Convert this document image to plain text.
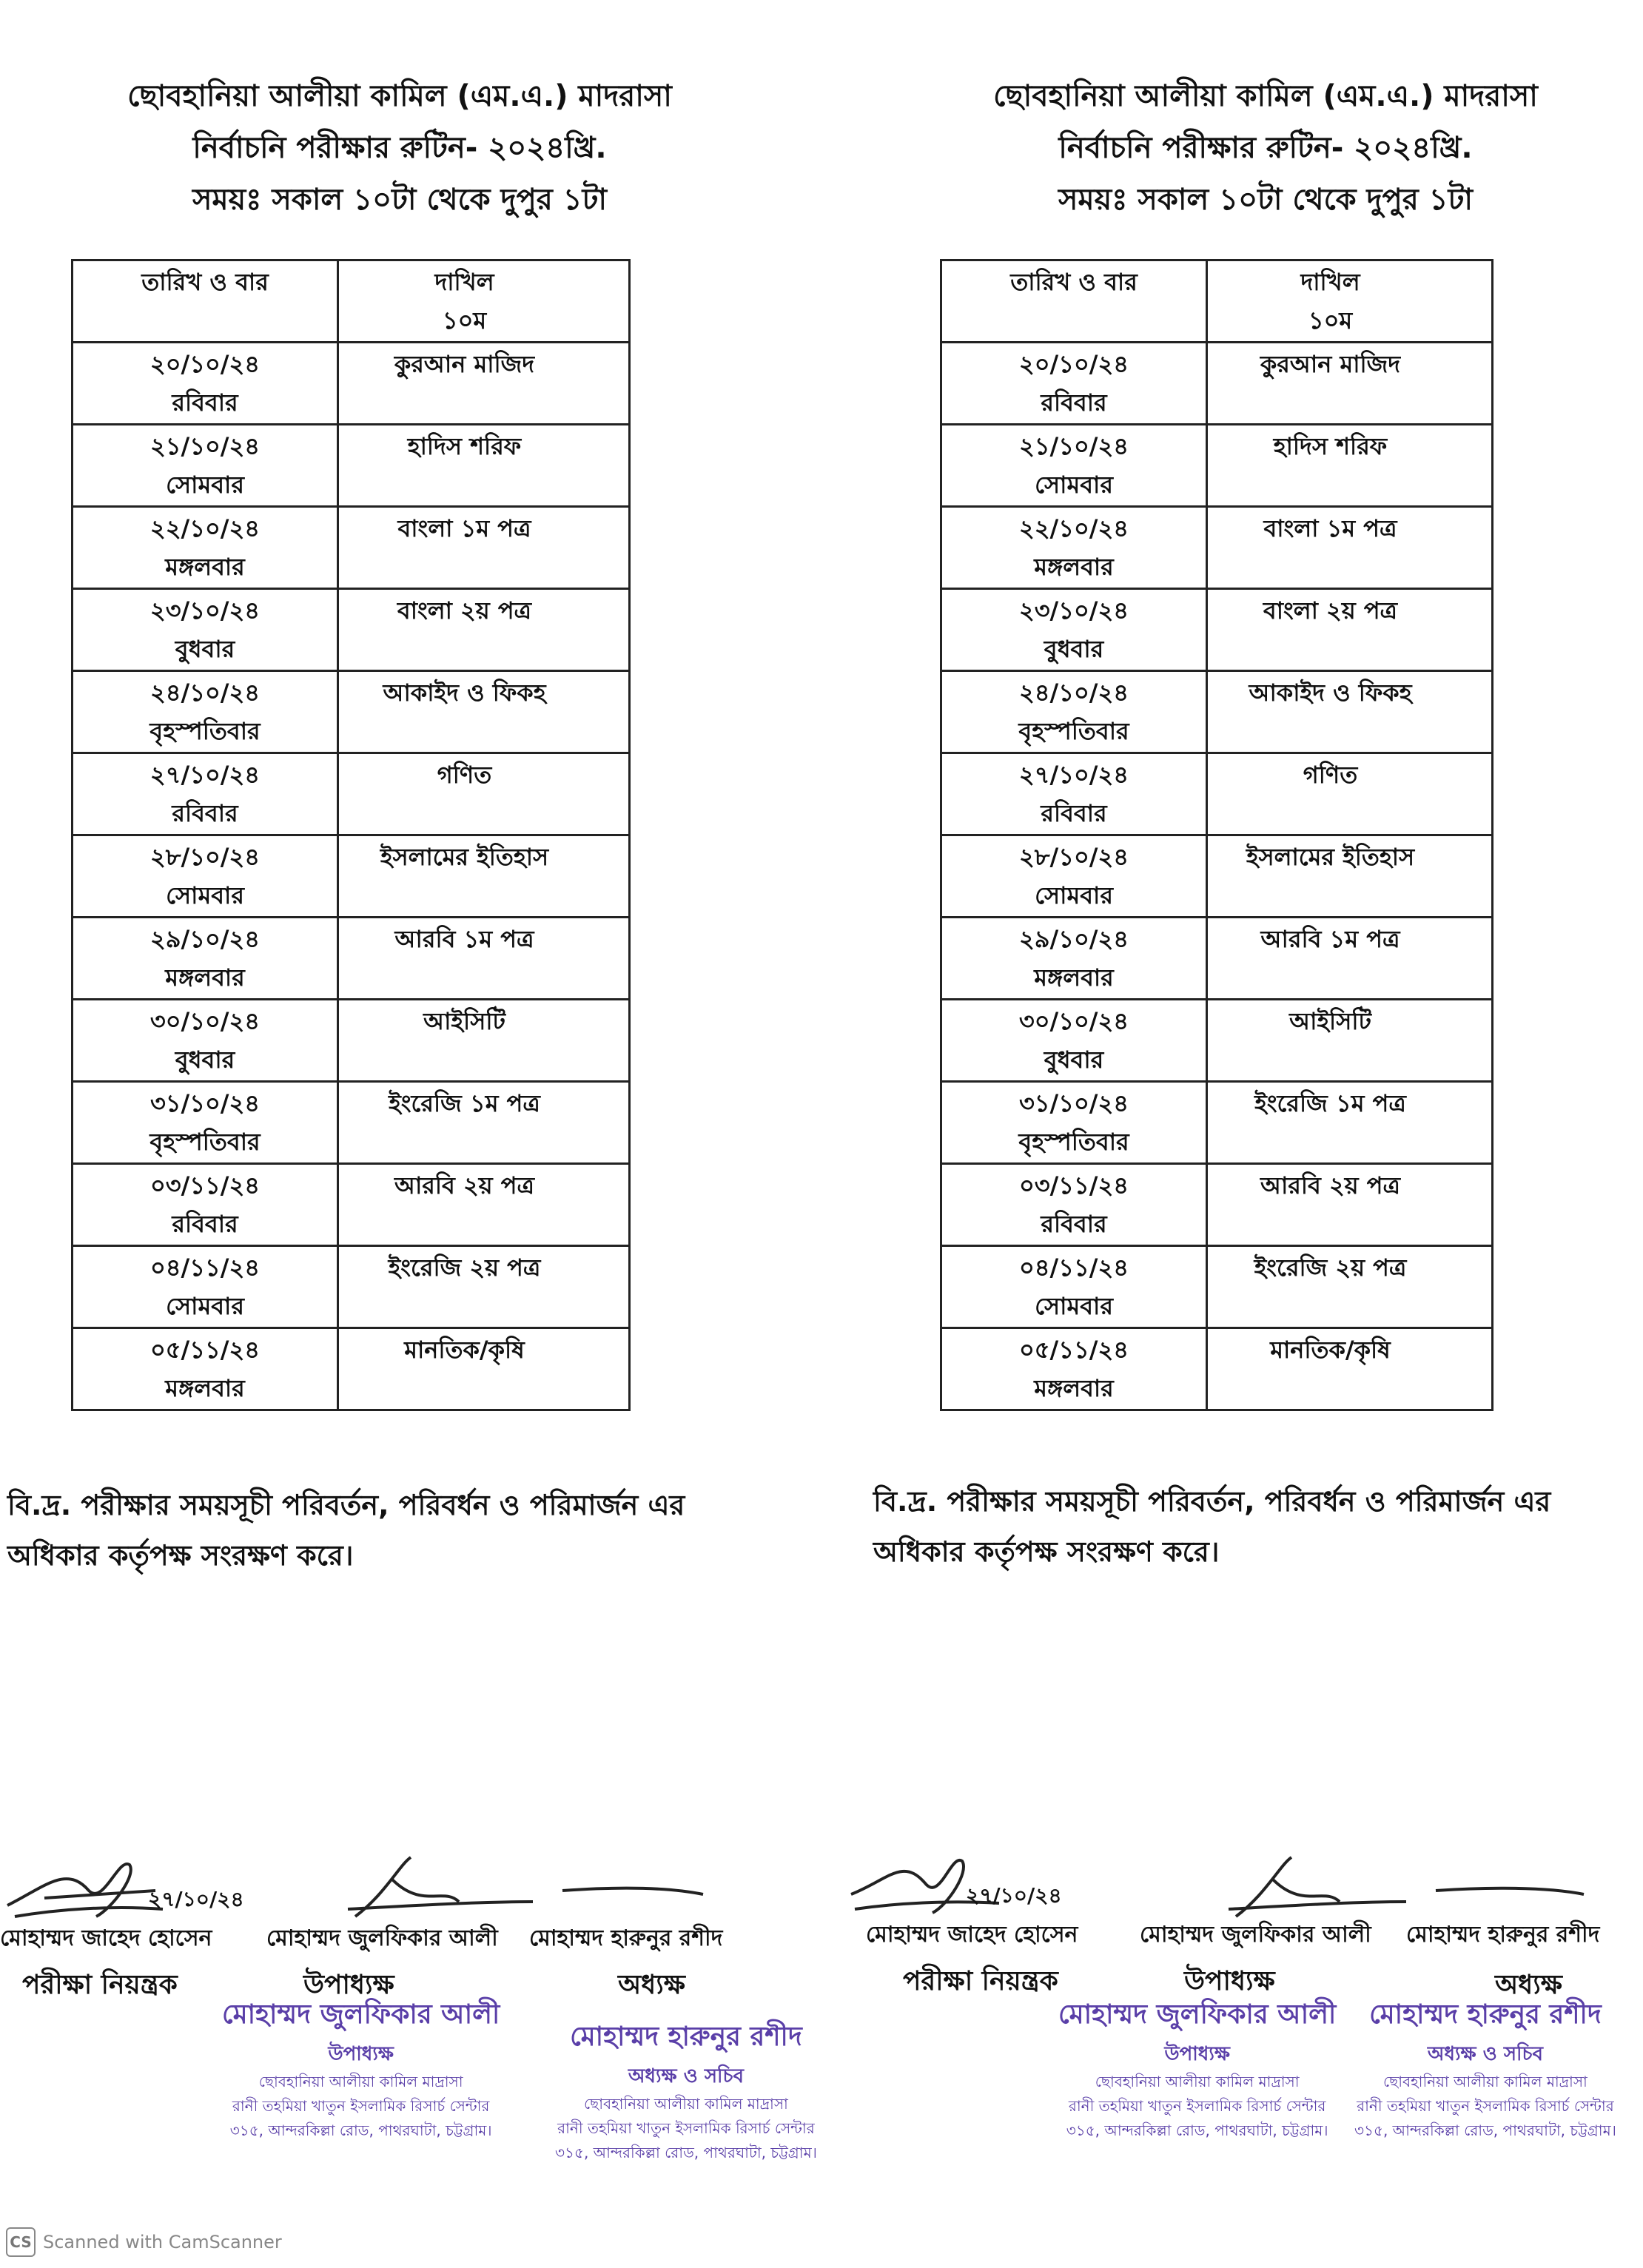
ছোবহানিয়া আলীয়া কামিল (এম.এ.) মাদরাসা
নির্বাচনি পরীক্ষার রুটিন- ২০২৪খ্রি.
সময়ঃ সকাল ১০টা থেকে দুপুর ১টা
তারিখ ও বার	দাখিল
১০ম

২০/১০/২৪
রবিবার	কুরআন মাজিদ

২১/১০/২৪
সোমবার	হাদিস শরিফ

২২/১০/২৪
মঙ্গলবার	বাংলা ১ম পত্র

২৩/১০/২৪
বুধবার	বাংলা ২য় পত্র

২৪/১০/২৪
বৃহস্পতিবার	আকাইদ ও ফিকহ

২৭/১০/২৪
রবিবার	গণিত

২৮/১০/২৪
সোমবার	ইসলামের ইতিহাস

২৯/১০/২৪
মঙ্গলবার	আরবি ১ম পত্র

৩০/১০/২৪
বুধবার	আইসিটি

৩১/১০/২৪
বৃহস্পতিবার	ইংরেজি ১ম পত্র

০৩/১১/২৪
রবিবার	আরবি ২য় পত্র

০৪/১১/২৪
সোমবার	ইংরেজি ২য় পত্র

০৫/১১/২৪
মঙ্গলবার	মানতিক/কৃষি
বি.দ্র. পরীক্ষার সময়সূচী পরিবর্তন, পরিবর্ধন ও পরিমার্জন এর
অধিকার কর্তৃপক্ষ সংরক্ষণ করে।
২৭/১০/২৪
মোহাম্মদ জাহেদ হোসেন মোহাম্মদ জুলফিকার আলী মোহাম্মদ হারুনুর রশীদ
পরীক্ষা নিয়ন্ত্রক	উপাধ্যক্ষ	অধ্যক্ষ
মোহাম্মদ জুলফিকার আলী
উপাধ্যক্ষ
ছোবহানিয়া আলীয়া কামিল মাদ্রাসা
রানী তহমিয়া খাতুন ইসলামিক রিসার্চ সেন্টার
৩১৫, আন্দরকিল্লা রোড, পাথরঘাটা, চট্টগ্রাম।
মোহাম্মদ হারুনুর রশীদ
অধ্যক্ষ ও সচিব
ছোবহানিয়া আলীয়া কামিল মাদ্রাসা
রানী তহমিয়া খাতুন ইসলামিক রিসার্চ সেন্টার
৩১৫, আন্দরকিল্লা রোড, পাথরঘাটা, চট্টগ্রাম।
ছোবহানিয়া আলীয়া কামিল (এম.এ.) মাদরাসা
নির্বাচনি পরীক্ষার রুটিন- ২০২৪খ্রি.
সময়ঃ সকাল ১০টা থেকে দুপুর ১টা
তারিখ ও বার	দাখিল
১০ম

২০/১০/২৪
রবিবার	কুরআন মাজিদ

২১/১০/২৪
সোমবার	হাদিস শরিফ

২২/১০/২৪
মঙ্গলবার	বাংলা ১ম পত্র

২৩/১০/২৪
বুধবার	বাংলা ২য় পত্র

২৪/১০/২৪
বৃহস্পতিবার	আকাইদ ও ফিকহ

২৭/১০/২৪
রবিবার	গণিত

২৮/১০/২৪
সোমবার	ইসলামের ইতিহাস

২৯/১০/২৪
মঙ্গলবার	আরবি ১ম পত্র

৩০/১০/২৪
বুধবার	আইসিটি

৩১/১০/২৪
বৃহস্পতিবার	ইংরেজি ১ম পত্র

০৩/১১/২৪
রবিবার	আরবি ২য় পত্র

০৪/১১/২৪
সোমবার	ইংরেজি ২য় পত্র

০৫/১১/২৪
মঙ্গলবার	মানতিক/কৃষি
বি.দ্র. পরীক্ষার সময়সূচী পরিবর্তন, পরিবর্ধন ও পরিমার্জন এর
অধিকার কর্তৃপক্ষ সংরক্ষণ করে।
২৭/১০/২৪
মোহাম্মদ জাহেদ হোসেন	মোহাম্মদ জুলফিকার আলী মোহাম্মদ হারুনুর রশীদ
পরীক্ষা নিয়ন্ত্রক	উপাধ্যক্ষ	অধ্যক্ষ
মোহাম্মদ জুলফিকার আলী
উপাধ্যক্ষ
ছোবহানিয়া আলীয়া কামিল মাদ্রাসা
রানী তহমিয়া খাতুন ইসলামিক রিসার্চ সেন্টার
৩১৫, আন্দরকিল্লা রোড, পাথরঘাটা, চট্টগ্রাম।
মোহাম্মদ হারুনুর রশীদ
অধ্যক্ষ ও সচিব
ছোবহানিয়া আলীয়া কামিল মাদ্রাসা
রানী তহমিয়া খাতুন ইসলামিক রিসার্চ সেন্টার
৩১৫, আন্দরকিল্লা রোড, পাথরঘাটা, চট্টগ্রাম।
CS Scanned with CamScanner
